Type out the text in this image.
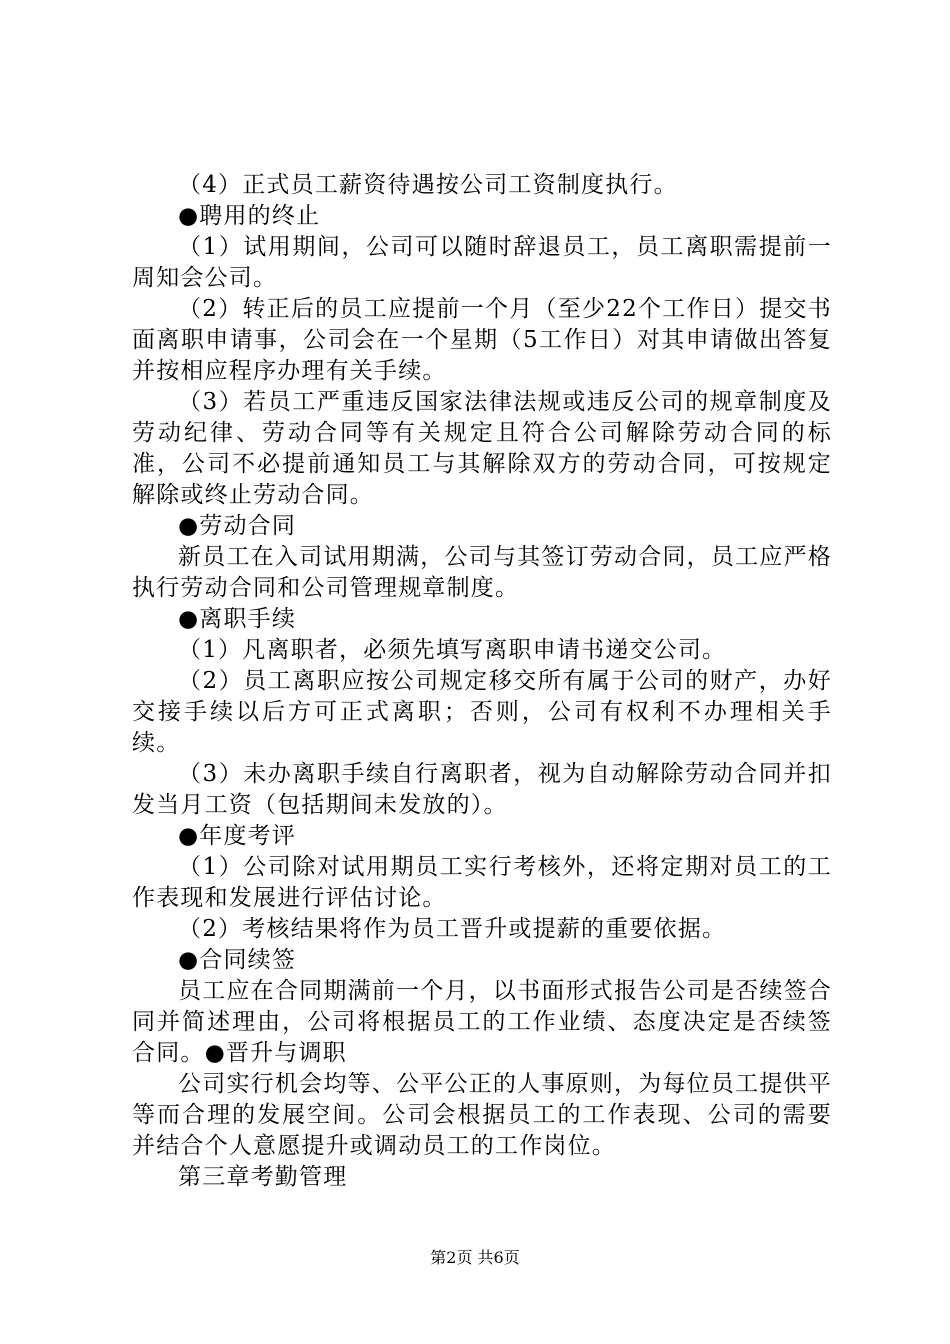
（4）正式员工薪资待遇按公司工资制度执行。

●聘用的终止

（1）试用期间，公司可以随时辞退员工，员工离职需提前一周知会公司。

（2）转正后的员工应提前一个月（至少22个工作日）提交书面离职申请事，公司会在一个星期（5工作日）对其申请做出答复并按相应程序办理有关手续。

（3）若员工严重违反国家法律法规或违反公司的规章制度及劳动纪律、劳动合同等有关规定且符合公司解除劳动合同的标准，公司不必提前通知员工与其解除双方的劳动合同，可按规定解除或终止劳动合同。

●劳动合同

新员工在入司试用期满，公司与其签订劳动合同，员工应严格执行劳动合同和公司管理规章制度。

●离职手续

（1）凡离职者，必须先填写离职申请书递交公司。

（2）员工离职应按公司规定移交所有属于公司的财产，办好交接手续以后方可正式离职；否则，公司有权利不办理相关手续。

（3）未办离职手续自行离职者，视为自动解除劳动合同并扣发当月工资（包括期间未发放的）。

●年度考评

（1）公司除对试用期员工实行考核外，还将定期对员工的工作表现和发展进行评估讨论。

（2）考核结果将作为员工晋升或提薪的重要依据。

●合同续签

员工应在合同期满前一个月，以书面形式报告公司是否续签合同并简述理由，公司将根据员工的工作业绩、态度决定是否续签合同。●晋升与调职

公司实行机会均等、公平公正的人事原则，为每位员工提供平等而合理的发展空间。公司会根据员工的工作表现、公司的需要并结合个人意愿提升或调动员工的工作岗位。

第三章考勤管理

第2页 共6页
